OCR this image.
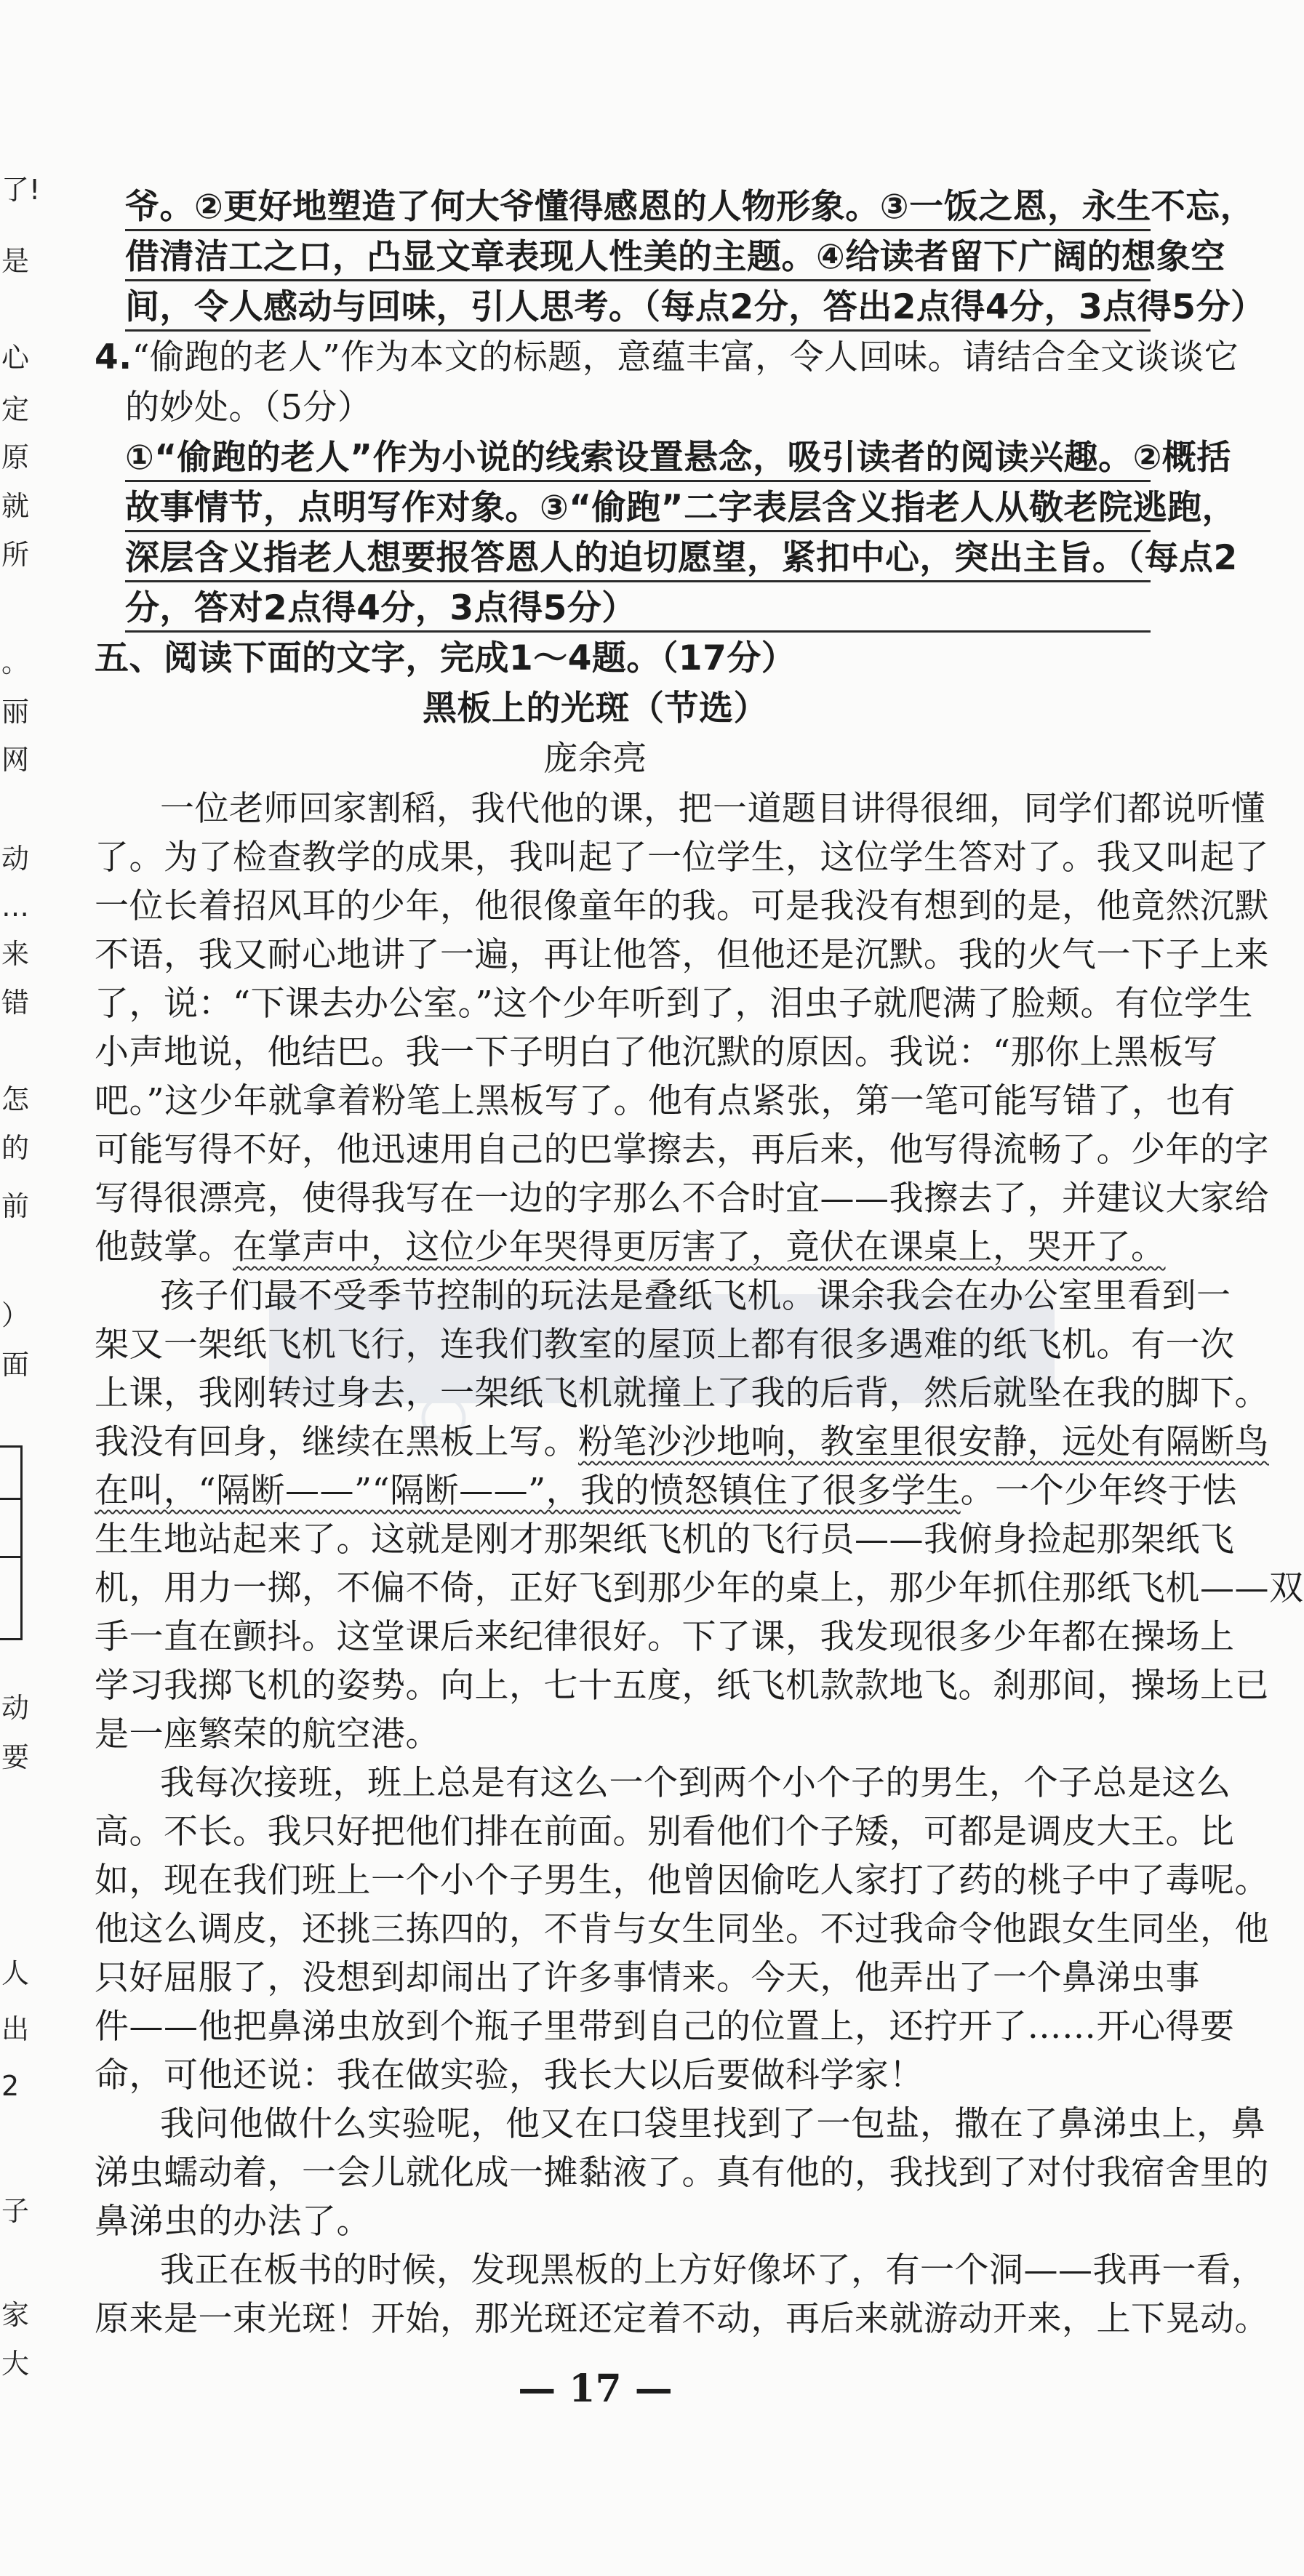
了!
是
心
定
原
就
所
。
丽
网
动
…
来
错
怎
的
前
）
面
动
要
人
出
2
子
家
大
爷。②更好地塑造了何大爷懂得感恩的人物形象。③一饭之恩，永生不忘，
借清洁工之口，凸显文章表现人性美的主题。④给读者留下广阔的想象空
间，令人感动与回味，引人思考。（每点2分，答出2点得4分，3点得5分）
4.“偷跑的老人”作为本文的标题，意蕴丰富，令人回味。请结合全文谈谈它
的妙处。（5分）
①“偷跑的老人”作为小说的线索设置悬念，吸引读者的阅读兴趣。②概括
故事情节，点明写作对象。③“偷跑”二字表层含义指老人从敬老院逃跑，
深层含义指老人想要报答恩人的迫切愿望，紧扣中心，突出主旨。（每点2
分，答对2点得4分，3点得5分）
五、阅读下面的文字，完成1～4题。（17分）
黑板上的光斑（节选）
庞余亮
一位老师回家割稻，我代他的课，把一道题目讲得很细，同学们都说听懂
了。为了检查教学的成果，我叫起了一位学生，这位学生答对了。我又叫起了
一位长着招风耳的少年，他很像童年的我。可是我没有想到的是，他竟然沉默
不语，我又耐心地讲了一遍，再让他答，但他还是沉默。我的火气一下子上来
了，说：“下课去办公室。”这个少年听到了，泪虫子就爬满了脸颊。有位学生
小声地说，他结巴。我一下子明白了他沉默的原因。我说：“那你上黑板写
吧。”这少年就拿着粉笔上黑板写了。他有点紧张，第一笔可能写错了，也有
可能写得不好，他迅速用自己的巴掌擦去，再后来，他写得流畅了。少年的字
写得很漂亮，使得我写在一边的字那么不合时宜——我擦去了，并建议大家给
他鼓掌。在掌声中，这位少年哭得更厉害了，竟伏在课桌上，哭开了。
孩子们最不受季节控制的玩法是叠纸飞机。课余我会在办公室里看到一
架又一架纸飞机飞行，连我们教室的屋顶上都有很多遇难的纸飞机。有一次
上课，我刚转过身去，一架纸飞机就撞上了我的后背，然后就坠在我的脚下。
我没有回身，继续在黑板上写。粉笔沙沙地响，教室里很安静，远处有隔断鸟
在叫，“隔断——”“隔断——”，我的愤怒镇住了很多学生。一个少年终于怯
生生地站起来了。这就是刚才那架纸飞机的飞行员——我俯身捡起那架纸飞
机，用力一掷，不偏不倚，正好飞到那少年的桌上，那少年抓住那纸飞机——双
手一直在颤抖。这堂课后来纪律很好。下了课，我发现很多少年都在操场上
学习我掷飞机的姿势。向上，七十五度，纸飞机款款地飞。刹那间，操场上已
是一座繁荣的航空港。
我每次接班，班上总是有这么一个到两个小个子的男生，个子总是这么
高。不长。我只好把他们排在前面。别看他们个子矮，可都是调皮大王。比
如，现在我们班上一个小个子男生，他曾因偷吃人家打了药的桃子中了毒呢。
他这么调皮，还挑三拣四的，不肯与女生同坐。不过我命令他跟女生同坐，他
只好屈服了，没想到却闹出了许多事情来。今天，他弄出了一个鼻涕虫事
件——他把鼻涕虫放到个瓶子里带到自己的位置上，还拧开了……开心得要
命，可他还说：我在做实验，我长大以后要做科学家！
我问他做什么实验呢，他又在口袋里找到了一包盐，撒在了鼻涕虫上，鼻
涕虫蠕动着，一会儿就化成一摊黏液了。真有他的，我找到了对付我宿舍里的
鼻涕虫的办法了。
我正在板书的时候，发现黑板的上方好像坏了，有一个洞——我再一看，
原来是一束光斑！开始，那光斑还定着不动，再后来就游动开来，上下晃动。
— 17 —
